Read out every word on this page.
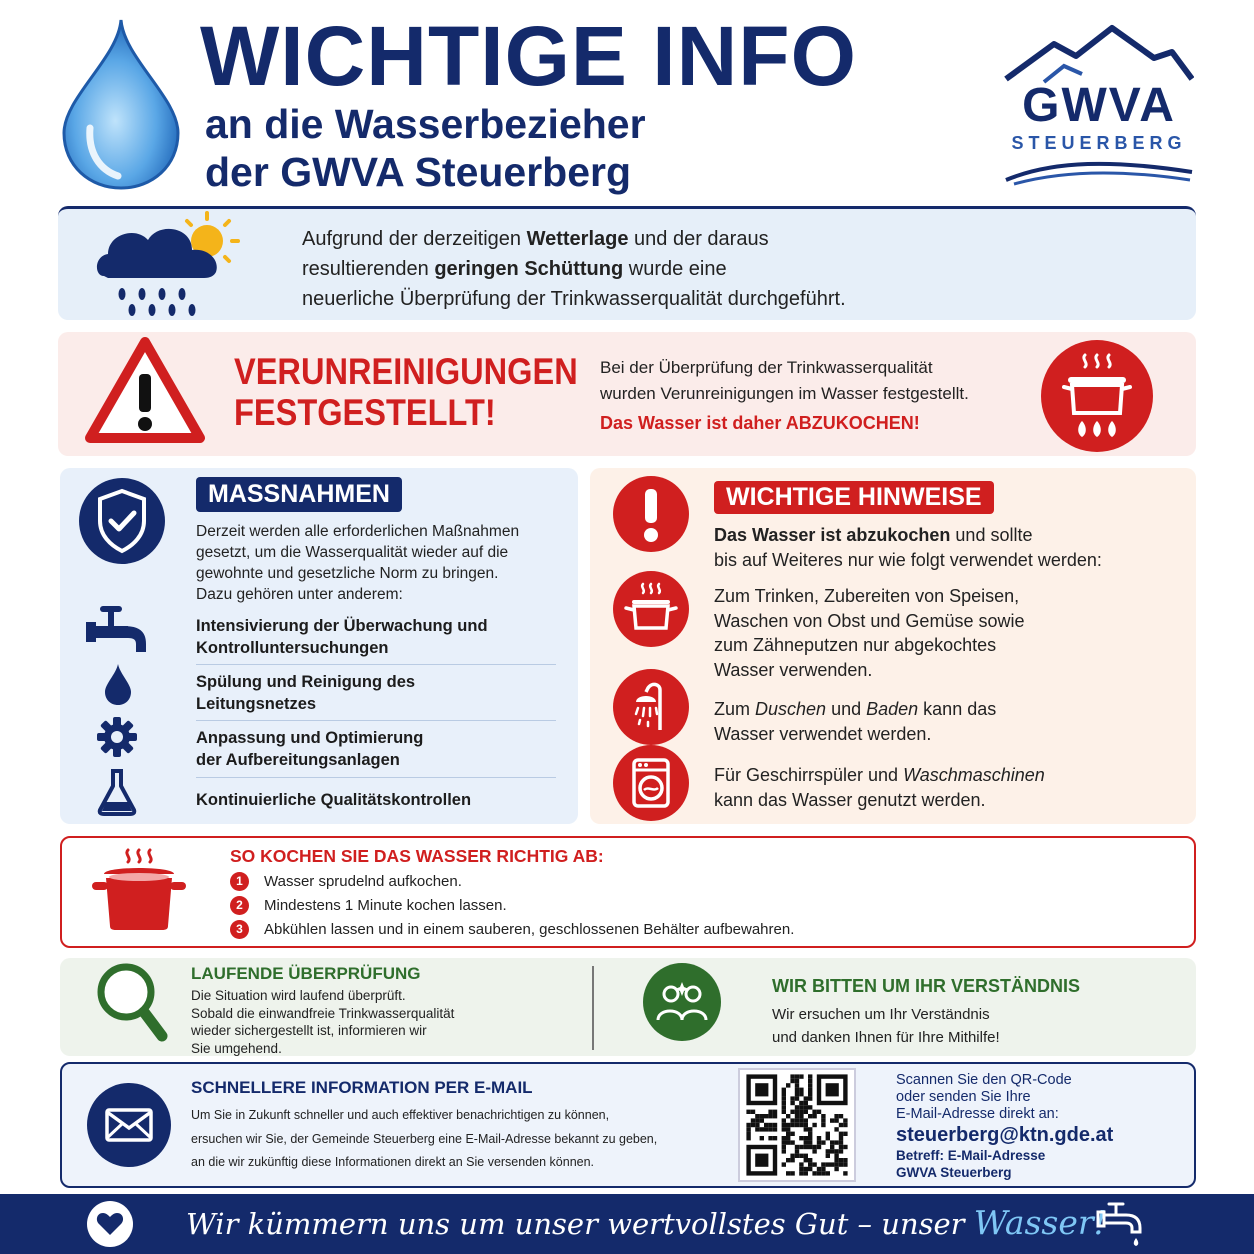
WICHTIGE INFO
an die Wasserbezieher
der GWVA Steuerberg
GWVA
STEUERBERG
Aufgrund der derzeitigen Wetterlage und der daraus
resultierenden geringen Schüttung wurde eine
neuerliche Überprüfung der Trinkwasserqualität durchgeführt.
VERUNREINIGUNGEN
FESTGESTELLT!
Bei der Überprüfung der Trinkwasserqualität
wurden Verunreinigungen im Wasser festgestellt.
Das Wasser ist daher ABZUKOCHEN!
MASSNAHMEN
Derzeit werden alle erforderlichen Maßnahmen
gesetzt, um die Wasserqualität wieder auf die
gewohnte und gesetzliche Norm zu bringen.
Dazu gehören unter anderem:
Intensivierung der Überwachung und
Kontrolluntersuchungen
Spülung und Reinigung des
Leitungsnetzes
Anpassung und Optimierung
der Aufbereitungsanlagen
Kontinuierliche Qualitätskontrollen
WICHTIGE HINWEISE
Das Wasser ist abzukochen und sollte
bis auf Weiteres nur wie folgt verwendet werden:
Zum Trinken, Zubereiten von Speisen,
Waschen von Obst und Gemüse sowie
zum Zähneputzen nur abgekochtes
Wasser verwenden.
Zum Duschen und Baden kann das
Wasser verwendet werden.
Für Geschirrspüler und Waschmaschinen
kann das Wasser genutzt werden.
SO KOCHEN SIE DAS WASSER RICHTIG AB:
1	Wasser sprudelnd aufkochen.
2	Mindestens 1 Minute kochen lassen.
3	Abkühlen lassen und in einem sauberen, geschlossenen Behälter aufbewahren.
LAUFENDE ÜBERPRÜFUNG
Die Situation wird laufend überprüft.
Sobald die einwandfreie Trinkwasserqualität
wieder sichergestellt ist, informieren wir
Sie umgehend.
WIR BITTEN UM IHR VERSTÄNDNIS
Wir ersuchen um Ihr Verständnis
und danken Ihnen für Ihre Mithilfe!
SCHNELLERE INFORMATION PER E-MAIL
Um Sie in Zukunft schneller und auch effektiver benachrichtigen zu können,
ersuchen wir Sie, der Gemeinde Steuerberg eine E-Mail-Adresse bekannt zu geben,
an die wir zukünftig diese Informationen direkt an Sie versenden können.
Scannen Sie den QR-Code
oder senden Sie Ihre
E-Mail-Adresse direkt an:
steuerberg@ktn.gde.at
Betreff: E-Mail-Adresse
GWVA Steuerberg
Wir kümmern uns um unser wertvollstes Gut – unser Wasser!
